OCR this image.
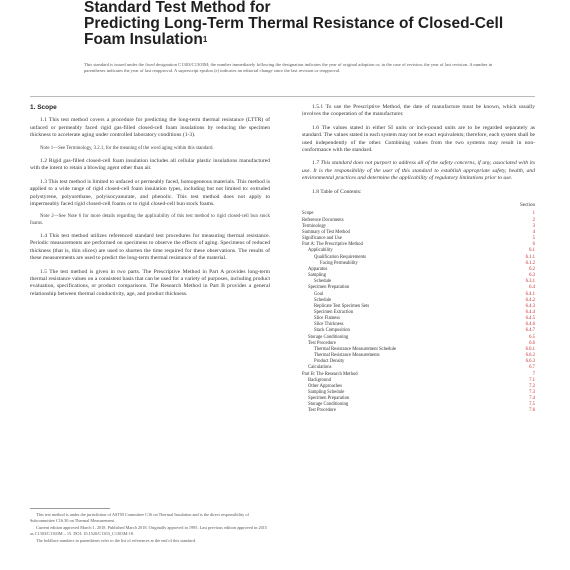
Standard Test Method for
Predicting Long-Term Thermal Resistance of Closed-Cell
Foam Insulation$^1$
This standard is issued under the fixed designation C1303/C1303M; the number immediately following the designation indicates the year of original adoption or, in the case of revision, the year of last revision. A number in parentheses indicates the year of last reapproval. A superscript epsilon (ε) indicates an editorial change since the last revision or reapproval.
1. Scope

1.1 This test method covers a procedure for predicting the long-term thermal resistance (LTTR) of unfaced or permeably faced rigid gas-filled closed-cell foam insulations by reducing the specimen thickness to accelerate aging under controlled laboratory conditions (1-3).

Note 1—See Terminology, 3.2.1, for the meaning of the word aging within this standard.

1.2 Rigid gas-filled closed-cell foam insulation includes all cellular plastic insulations manufactured with the intent to retain a blowing agent other than air.

1.3 This test method is limited to unfaced or permeably faced, homogeneous materials. This method is applied to a wide range of rigid closed-cell foam insulation types, including but not limited to: extruded polystyrene, polyurethane, polyisocyanurate, and phenolic. This test method does not apply to impermeably faced rigid closed-cell foams or to rigid closed-cell bun stock foams.

Note 2—See Note 6 for more details regarding the applicability of this test method to rigid closed-cell bun stock foams.

1.4 This test method utilizes referenced standard test procedures for measuring thermal resistance. Periodic measurements are performed on specimens to observe the effects of aging. Specimens of reduced thickness (that is, thin slices) are used to shorten the time required for these observations. The results of these measurements are used to predict the long-term thermal resistance of the material.

1.5 The test method is given in two parts. The Prescriptive Method in Part A provides long-term thermal resistance values on a consistent basis that can be used for a variety of purposes, including product evaluation, specifications, or product comparisons. The Research Method in Part B provides a general relationship between thermal conductivity, age, and product thickness.

This test method is under the jurisdiction of ASTM Committee C16 on Thermal Insulation and is the direct responsibility of Subcommittee C16.30 on Thermal Measurement.

Current edition approved March 1, 2018. Published March 2018. Originally approved in 1995. Last previous edition approved in 2015 as C1303/C1303M – 15. DOI: 10.1520/C1303_C1303M-18.

The boldface numbers in parentheses refer to the list of references at the end of this standard.

1.5.1 To use the Prescriptive Method, the date of manufacture must be known, which usually involves the cooperation of the manufacturer.

1.6 The values stated in either SI units or inch-pound units are to be regarded separately as standard. The values stated in each system may not be exact equivalents; therefore, each system shall be used independently of the other. Combining values from the two systems may result in non-conformance with the standard.

1.7 This standard does not purport to address all of the safety concerns, if any, associated with its use. It is the responsibility of the user of this standard to establish appropriate safety, health, and environmental practices and determine the applicability of regulatory limitations prior to use.

1.8 Table of Contents:

Section
Scope	1
Reference Documents	2
Terminology	3
Summary of Test Method	4
Significance and Use	5
Part A: The Prescriptive Method	6
Applicability	6.1
Qualification Requirements	6.1.1
Facing Permeability	6.1.2
Apparatus	6.2
Sampling	6.3
Schedule	6.3.1
Specimen Preparation	6.4
Goal	6.4.1
Schedule	6.4.2
Replicate Test Specimen Sets	6.4.3
Specimen Extraction	6.4.4
Slice Flatness	6.4.5
Slice Thickness	6.4.6
Stack Composition	6.4.7
Storage Conditioning	6.5
Test Procedure	6.6
Thermal Resistance Measurement Schedule	6.6.1
Thermal Resistance Measurements	6.6.2
Product Density	6.6.3
Calculations	6.7
Part B: The Research Method	7
Background	7.1
Other Approaches	7.2
Sampling Schedule	7.3
Specimen Preparation	7.4
Storage Conditioning	7.5
Test Procedure	7.6
